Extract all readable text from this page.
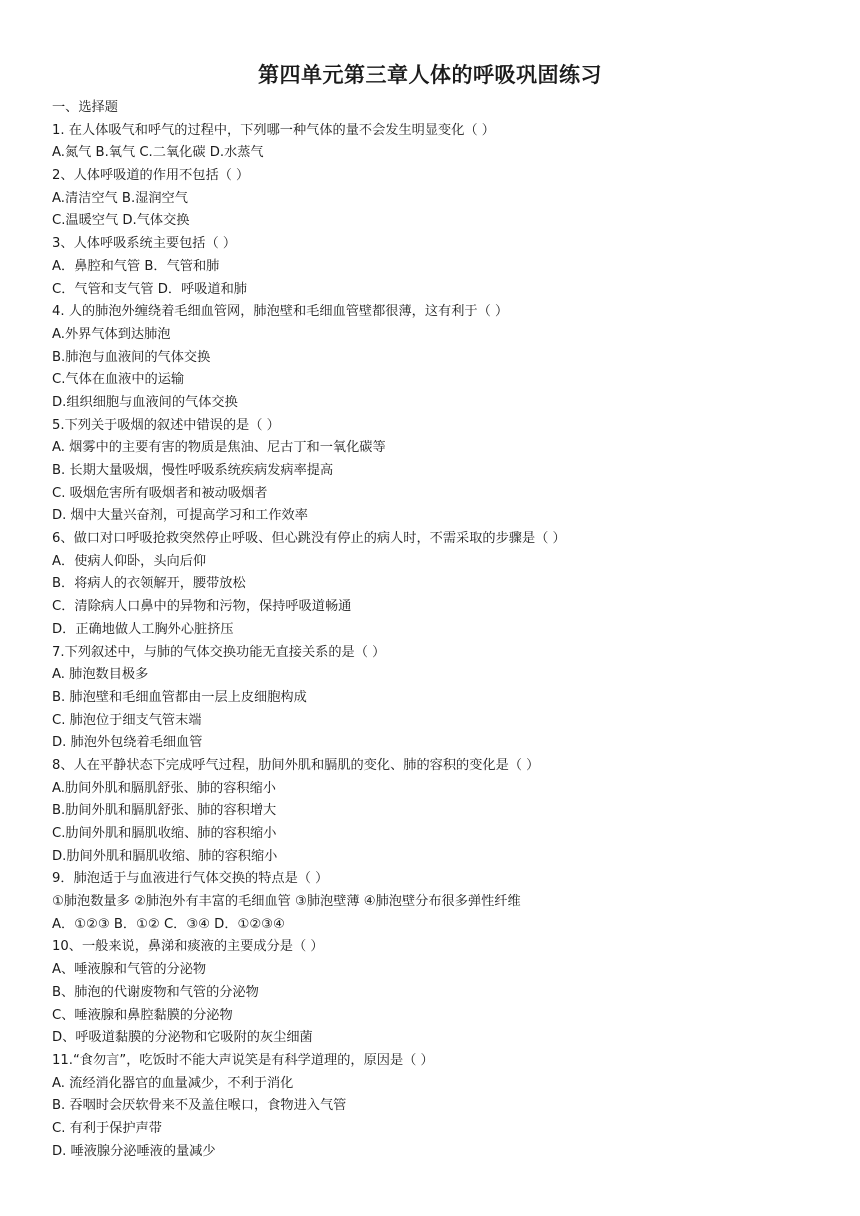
第四单元第三章人体的呼吸巩固练习
一、选择题
1. 在人体吸气和呼气的过程中，下列哪一种气体的量不会发生明显变化（ ）
A.氮气 B.氧气 C.二氧化碳 D.水蒸气
2、人体呼吸道的作用不包括（ ）
A.清洁空气 B.湿润空气
C.温暖空气 D.气体交换
3、人体呼吸系统主要包括（ ）
A．鼻腔和气管 B．气管和肺
C．气管和支气管 D．呼吸道和肺
4. 人的肺泡外缠绕着毛细血管网，肺泡壁和毛细血管壁都很薄，这有利于（ ）
A.外界气体到达肺泡
B.肺泡与血液间的气体交换
C.气体在血液中的运输
D.组织细胞与血液间的气体交换
5.下列关于吸烟的叙述中错误的是（ ）
A. 烟雾中的主要有害的物质是焦油、尼古丁和一氧化碳等
B. 长期大量吸烟，慢性呼吸系统疾病发病率提高
C. 吸烟危害所有吸烟者和被动吸烟者
D. 烟中大量兴奋剂，可提高学习和工作效率
6、做口对口呼吸抢救突然停止呼吸、但心跳没有停止的病人时，不需采取的步骤是（ ）
A．使病人仰卧，头向后仰
B．将病人的衣领解开，腰带放松
C．清除病人口鼻中的异物和污物，保持呼吸道畅通
D．正确地做人工胸外心脏挤压
7.下列叙述中，与肺的气体交换功能无直接关系的是（ ）
A. 肺泡数目极多
B. 肺泡壁和毛细血管都由一层上皮细胞构成
C. 肺泡位于细支气管末端
D. 肺泡外包绕着毛细血管
8、人在平静状态下完成呼气过程，肋间外肌和膈肌的变化、肺的容积的变化是（ ）
A.肋间外肌和膈肌舒张、肺的容积缩小
B.肋间外肌和膈肌舒张、肺的容积增大
C.肋间外肌和膈肌收缩、肺的容积缩小
D.肋间外肌和膈肌收缩、肺的容积缩小
9．肺泡适于与血液进行气体交换的特点是（ ）
①肺泡数量多 ②肺泡外有丰富的毛细血管 ③肺泡壁薄 ④肺泡壁分布很多弹性纤维
A．①②③ B．①② C．③④ D．①②③④
10、一般来说，鼻涕和痰液的主要成分是（ ）
A、唾液腺和气管的分泌物
B、肺泡的代谢废物和气管的分泌物
C、唾液腺和鼻腔黏膜的分泌物
D、呼吸道黏膜的分泌物和它吸附的灰尘细菌
11.“食勿言”，吃饭时不能大声说笑是有科学道理的，原因是（ ）
A. 流经消化器官的血量减少，不利于消化
B. 吞咽时会厌软骨来不及盖住喉口，食物进入气管
C. 有利于保护声带
D. 唾液腺分泌唾液的量减少
